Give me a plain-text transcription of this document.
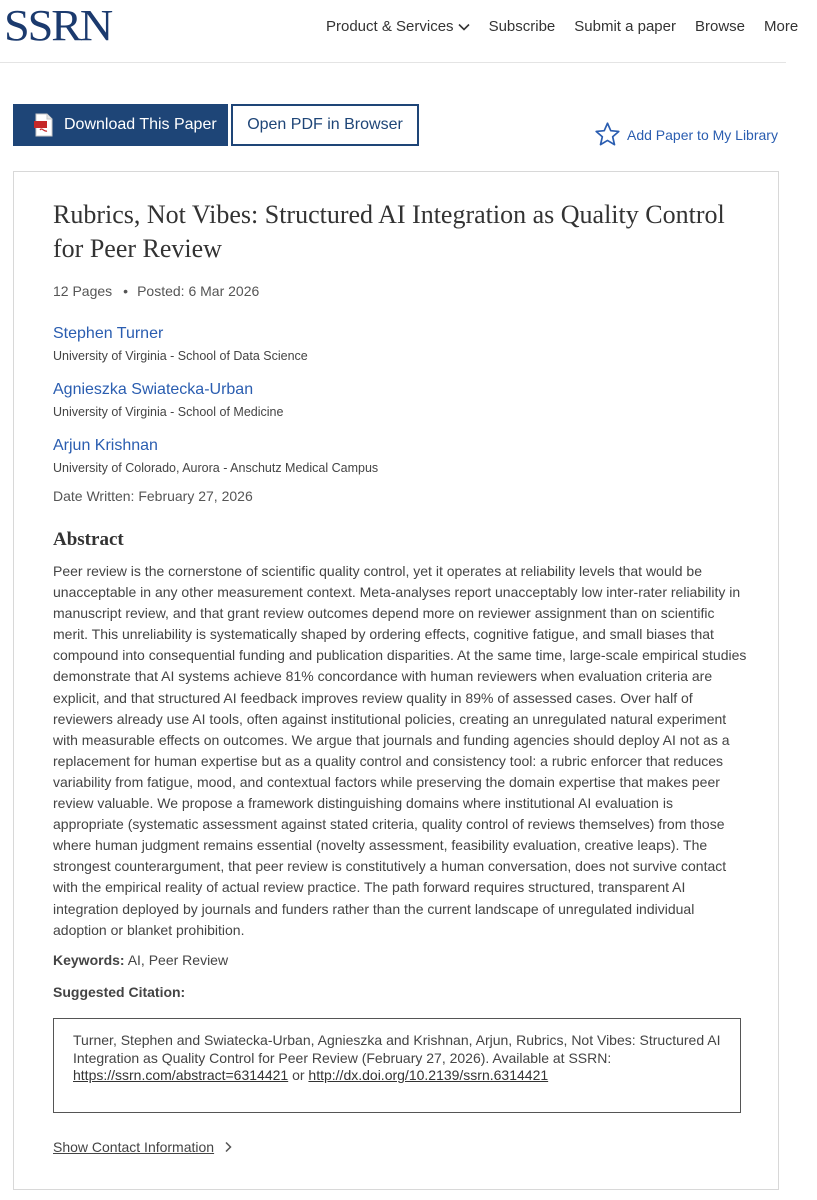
SSRN	Product & Services Subscribe Submit a paper Browse More
Download This Paper	Open PDF in Browser
Add Paper to My Library
Rubrics, Not Vibes: Structured AI Integration as Quality Control for Peer Review
12 Pages • Posted: 6 Mar 2026
Stephen Turner
University of Virginia - School of Data Science
Agnieszka Swiatecka-Urban
University of Virginia - School of Medicine
Arjun Krishnan
University of Colorado, Aurora - Anschutz Medical Campus
Date Written: February 27, 2026
Abstract
Peer review is the cornerstone of scientific quality control, yet it operates at reliability levels that would be unacceptable in any other measurement context. Meta-analyses report unacceptably low inter-rater reliability in manuscript review, and that grant review outcomes depend more on reviewer assignment than on scientific merit. This unreliability is systematically shaped by ordering effects, cognitive fatigue, and small biases that compound into consequential funding and publication disparities. At the same time, large-scale empirical studies demonstrate that AI systems achieve 81% concordance with human reviewers when evaluation criteria are explicit, and that structured AI feedback improves review quality in 89% of assessed cases. Over half of reviewers already use AI tools, often against institutional policies, creating an unregulated natural experiment with measurable effects on outcomes. We argue that journals and funding agencies should deploy AI not as a replacement for human expertise but as a quality control and consistency tool: a rubric enforcer that reduces variability from fatigue, mood, and contextual factors while preserving the domain expertise that makes peer review valuable. We propose a framework distinguishing domains where institutional AI evaluation is appropriate (systematic assessment against stated criteria, quality control of reviews themselves) from those where human judgment remains essential (novelty assessment, feasibility evaluation, creative leaps). The strongest counterargument, that peer review is constitutively a human conversation, does not survive contact with the empirical reality of actual review practice. The path forward requires structured, transparent AI integration deployed by journals and funders rather than the current landscape of unregulated individual adoption or blanket prohibition.
Keywords: AI, Peer Review
Suggested Citation:
Turner, Stephen and Swiatecka-Urban, Agnieszka and Krishnan, Arjun, Rubrics, Not Vibes: Structured AI Integration as Quality Control for Peer Review (February 27, 2026). Available at SSRN: https://ssrn.com/abstract=6314421 or http://dx.doi.org/10.2139/ssrn.6314421
Show Contact Information
